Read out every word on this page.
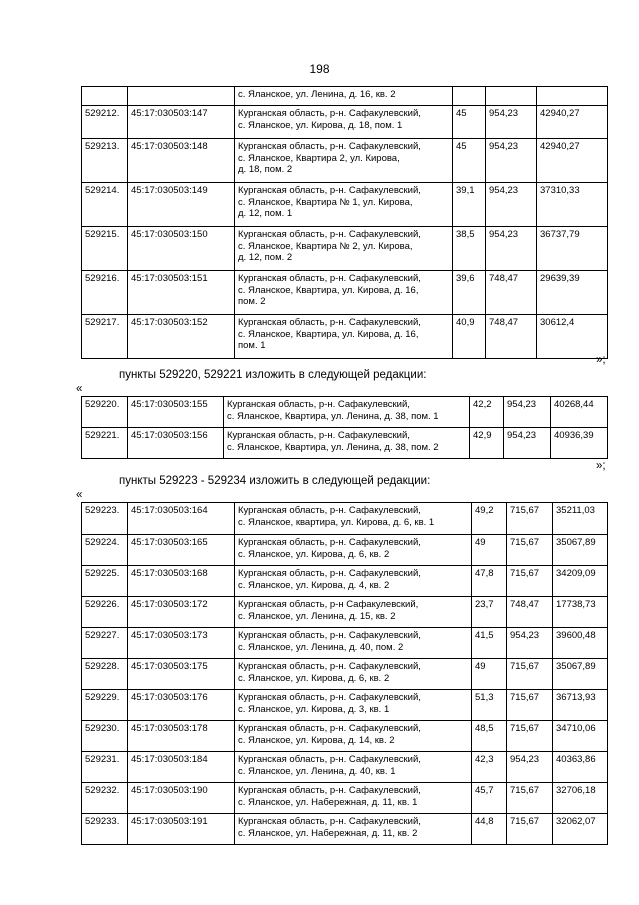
198

		с. Яланское, ул. Ленина, д. 16, кв. 2			

529212.	45:17:030503:147	Курганская область, р-н. Сафакулевский,
с. Яланское, ул. Кирова, д. 18, пом. 1	45	954,23	42940,27
529213.	45:17:030503:148	Курганская область, р-н. Сафакулевский,
с. Яланское, Квартира 2, ул. Кирова,
д. 18, пом. 2	45	954,23	42940,27
529214.	45:17:030503:149	Курганская область, р-н. Сафакулевский,
с. Яланское, Квартира № 1, ул. Кирова,
д. 12, пом. 1	39,1	954,23	37310,33
529215.	45:17:030503:150	Курганская область, р-н. Сафакулевский,
с. Яланское, Квартира № 2, ул. Кирова,
д. 12, пом. 2	38,5	954,23	36737,79
529216.	45:17:030503:151	Курганская область, р-н. Сафакулевский,
с. Яланское, Квартира, ул. Кирова, д. 16,
пом. 2	39,6	748,47	29639,39
529217.	45:17:030503:152	Курганская область, р-н. Сафакулевский,
с. Яланское, Квартира, ул. Кирова, д. 16,
пом. 1	40,9	748,47	30612,4
»;
пункты 529220, 529221 изложить в следующей редакции:
«
529220.	45:17:030503:155	Курганская область, р-н. Сафакулевский,
с. Яланское, Квартира, ул. Ленина, д. 38, пом. 1	42,2	954,23	40268,44
529221.	45:17:030503:156	Курганская область, р-н. Сафакулевский,
с. Яланское, Квартира, ул. Ленина, д. 38, пом. 2	42,9	954,23	40936,39
»;
пункты 529223 - 529234 изложить в следующей редакции:
«
529223.	45:17:030503:164	Курганская область, р-н. Сафакулевский,
с. Яланское, квартира, ул. Кирова, д. 6, кв. 1	49,2	715,67	35211,03
529224.	45:17:030503:165	Курганская область, р-н. Сафакулевский,
с. Яланское, ул. Кирова, д. 6, кв. 2	49	715,67	35067,89
529225.	45:17:030503:168	Курганская область, р-н. Сафакулевский,
с. Яланское, ул. Кирова, д. 4, кв. 2	47,8	715,67	34209,09
529226.	45:17:030503:172	Курганская область, р-н Сафакулевский,
с. Яланское, ул. Ленина, д. 15, кв. 2	23,7	748,47	17738,73
529227.	45:17:030503:173	Курганская область, р-н. Сафакулевский,
с. Яланское, ул. Ленина, д. 40, пом. 2	41,5	954,23	39600,48
529228.	45:17:030503:175	Курганская область, р-н. Сафакулевский,
с. Яланское, ул. Кирова, д. 6, кв. 2	49	715,67	35067,89
529229.	45:17:030503:176	Курганская область, р-н. Сафакулевский,
с. Яланское, ул. Кирова, д. 3, кв. 1	51,3	715,67	36713,93
529230.	45:17:030503:178	Курганская область, р-н. Сафакулевский,
с. Яланское, ул. Кирова, д. 14, кв. 2	48,5	715,67	34710,06
529231.	45:17:030503:184	Курганская область, р-н. Сафакулевский,
с. Яланское, ул. Ленина, д. 40, кв. 1	42,3	954,23	40363,86
529232.	45:17:030503:190	Курганская область, р-н. Сафакулевский,
с. Яланское, ул. Набережная, д. 11, кв. 1	45,7	715,67	32706,18
529233.	45:17:030503:191	Курганская область, р-н. Сафакулевский,
с. Яланское, ул. Набережная, д. 11, кв. 2	44,8	715,67	32062,07
